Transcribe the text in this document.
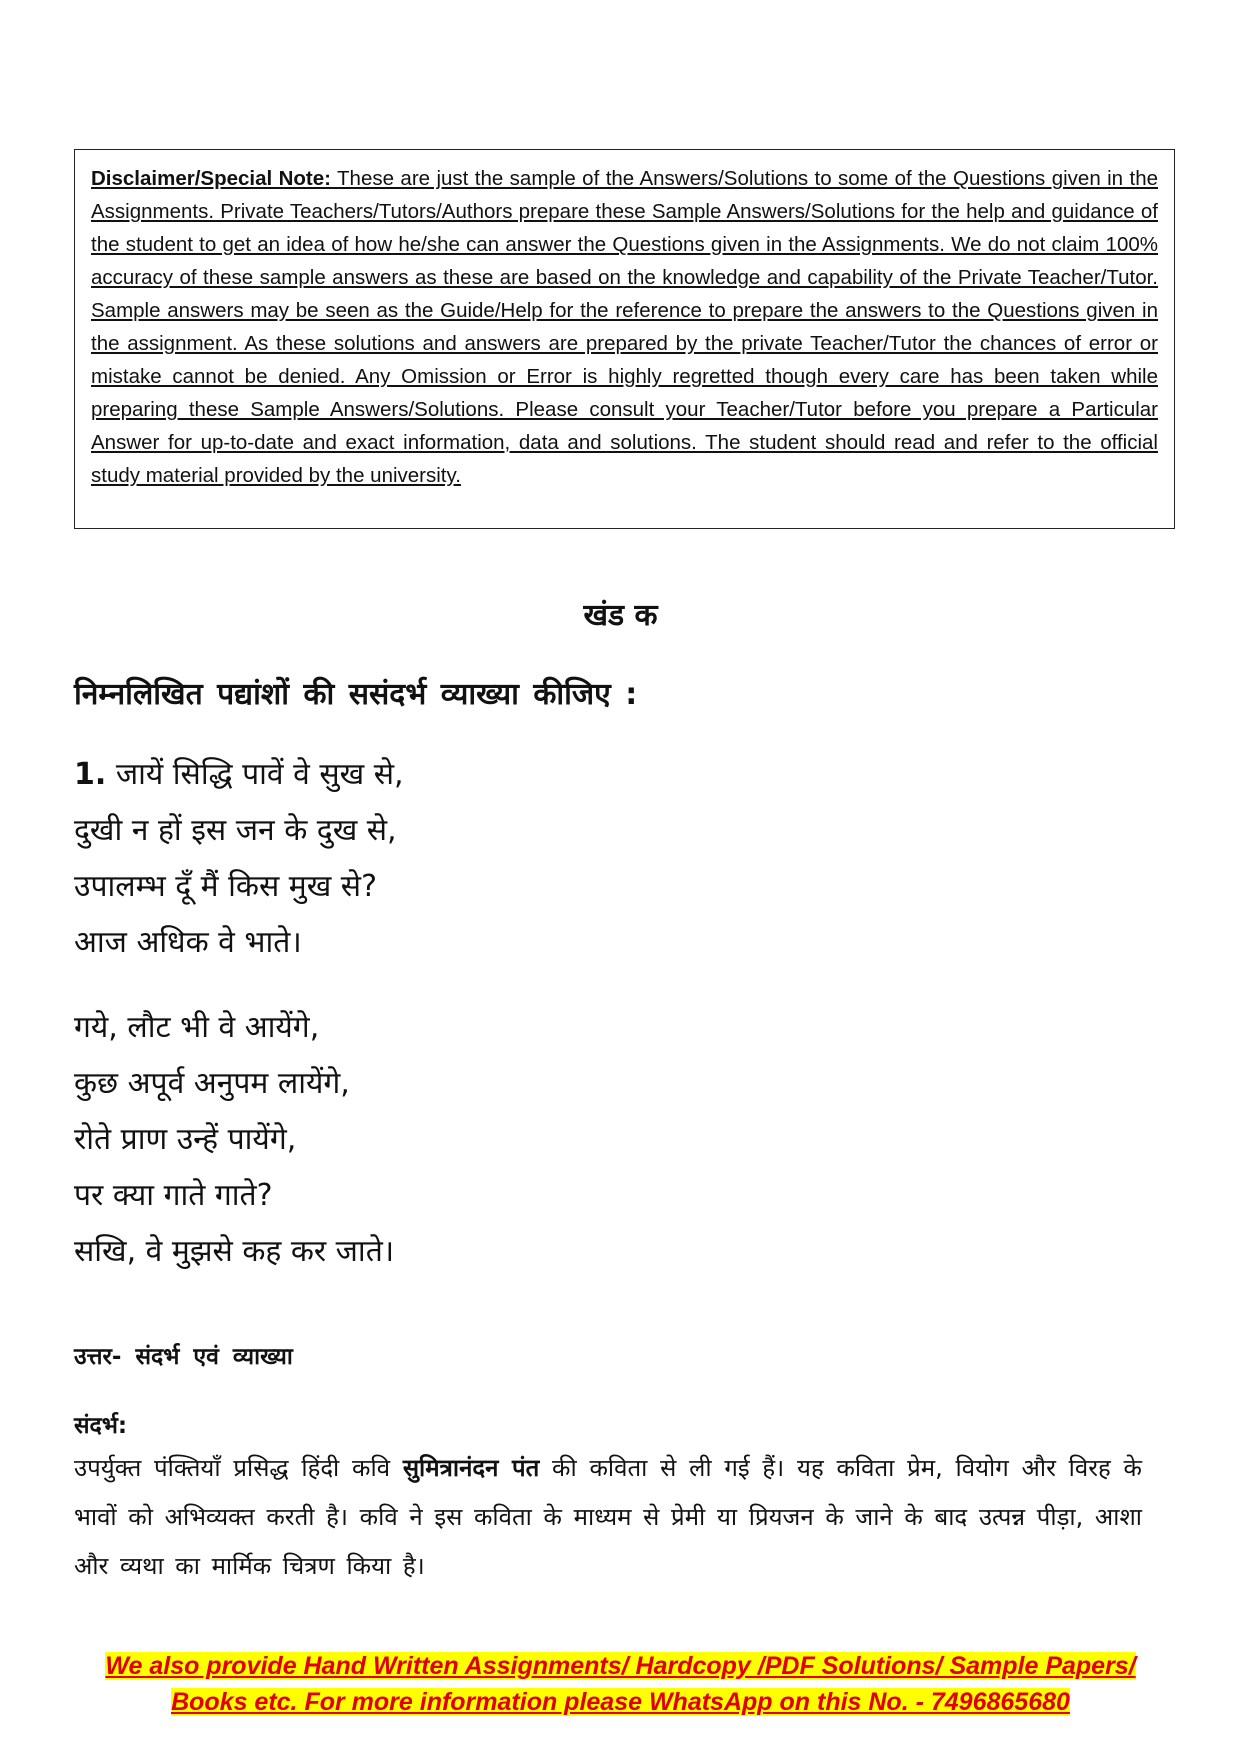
Disclaimer/Special Note: These are just the sample of the Answers/Solutions to some of the Questions given in the Assignments. Private Teachers/Tutors/Authors prepare these Sample Answers/Solutions for the help and guidance of the student to get an idea of how he/she can answer the Questions given in the Assignments. We do not claim 100% accuracy of these sample answers as these are based on the knowledge and capability of the Private Teacher/Tutor. Sample answers may be seen as the Guide/Help for the reference to prepare the answers to the Questions given in the assignment. As these solutions and answers are prepared by the private Teacher/Tutor the chances of error or mistake cannot be denied. Any Omission or Error is highly regretted though every care has been taken while preparing these Sample Answers/Solutions. Please consult your Teacher/Tutor before you prepare a Particular Answer for up-to-date and exact information, data and solutions. The student should read and refer to the official study material provided by the university.
खंड क
निम्नलिखित पद्यांशों की ससंदर्भ व्याख्या कीजिए :

1. जायें सिद्धि पावें वे सुख से,

दुखी न हों इस जन के दुख से,

उपालम्भ दूँ मैं किस मुख से?

आज अधिक वे भाते।

गये, लौट भी वे आयेंगे,

कुछ अपूर्व अनुपम लायेंगे,

रोते प्राण उन्हें पायेंगे,

पर क्या गाते गाते?

सखि, वे मुझसे कह कर जाते।

उत्तर- संदर्भ एवं व्याख्या
संदर्भ:

उपर्युक्त पंक्तियाँ प्रसिद्ध हिंदी कवि सुमित्रानंदन पंत की कविता से ली गई हैं। यह कविता प्रेम, वियोग और विरह के भावों को अभिव्यक्त करती है। कवि ने इस कविता के माध्यम से प्रेमी या प्रियजन के जाने के बाद उत्पन्न पीड़ा, आशा और व्यथा का मार्मिक चित्रण किया है।

We also provide Hand Written Assignments/ Hardcopy /PDF Solutions/ Sample Papers/
Books etc. For more information please WhatsApp on this No. - 7496865680
